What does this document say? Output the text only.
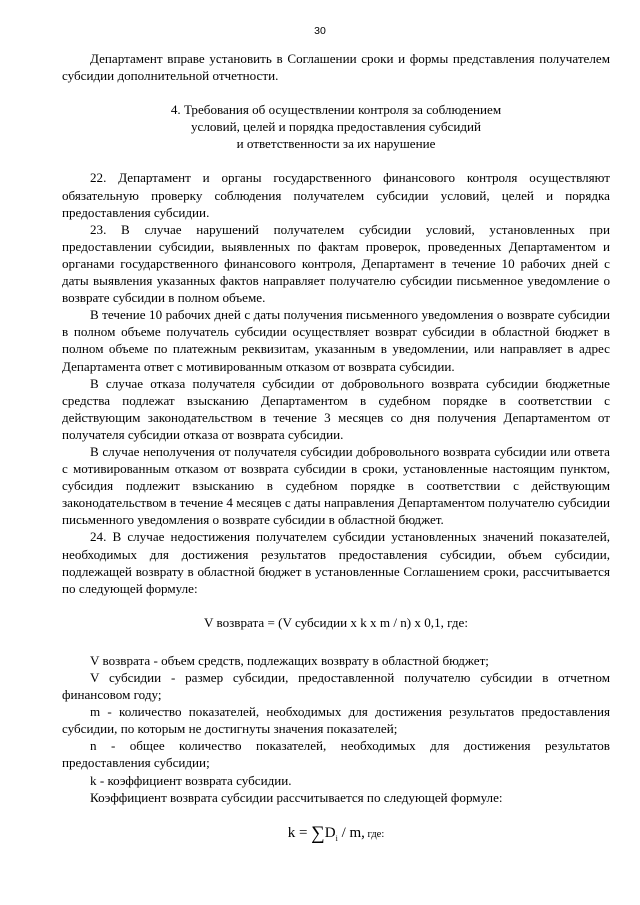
30

Департамент вправе установить в Соглашении сроки и формы представления получателем субсидии дополнительной отчетности.

4. Требования об осуществлении контроля за соблюдением
условий, целей и порядка предоставления субсидий
и ответственности за их нарушение

22. Департамент и органы государственного финансового контроля осуществляют обязательную проверку соблюдения получателем субсидии условий, целей и порядка предоставления субсидии.

23. В случае нарушений получателем субсидии условий, установленных при предоставлении субсидии, выявленных по фактам проверок, проведенных Департаментом и органами государственного финансового контроля, Департамент в течение 10 рабочих дней с даты выявления указанных фактов направляет получателю субсидии письменное уведомление о возврате субсидии в полном объеме.

В течение 10 рабочих дней с даты получения письменного уведомления о возврате субсидии в полном объеме получатель субсидии осуществляет возврат субсидии в областной бюджет в полном объеме по платежным реквизитам, указанным в уведомлении, или направляет в адрес Департамента ответ с мотивированным отказом от возврата субсидии.

В случае отказа получателя субсидии от добровольного возврата субсидии бюджетные средства подлежат взысканию Департаментом в судебном порядке в соответствии с действующим законодательством в течение 3 месяцев со дня получения Департаментом от получателя субсидии отказа от возврата субсидии.

В случае неполучения от получателя субсидии добровольного возврата субсидии или ответа с мотивированным отказом от возврата субсидии в сроки, установленные настоящим пунктом, субсидия подлежит взысканию в судебном порядке в соответствии с действующим законодательством в течение 4 месяцев с даты направления Департаментом получателю субсидии письменного уведомления о возврате субсидии в областной бюджет.

24. В случае недостижения получателем субсидии установленных значений показателей, необходимых для достижения результатов предоставления субсидии, объем субсидии, подлежащей возврату в областной бюджет в установленные Соглашением сроки, рассчитывается по следующей формуле:

V возврата = (V субсидии x k x m / n) x 0,1, где:

V возврата - объем средств, подлежащих возврату в областной бюджет;

V субсидии - размер субсидии, предоставленной получателю субсидии в отчетном финансовом году;

m - количество показателей, необходимых для достижения результатов предоставления субсидии, по которым не достигнуты значения показателей;

n - общее количество показателей, необходимых для достижения результатов предоставления субсидии;

k - коэффициент возврата субсидии.

Коэффициент возврата субсидии рассчитывается по следующей формуле:

$k = \sum D_i / m$, где:
